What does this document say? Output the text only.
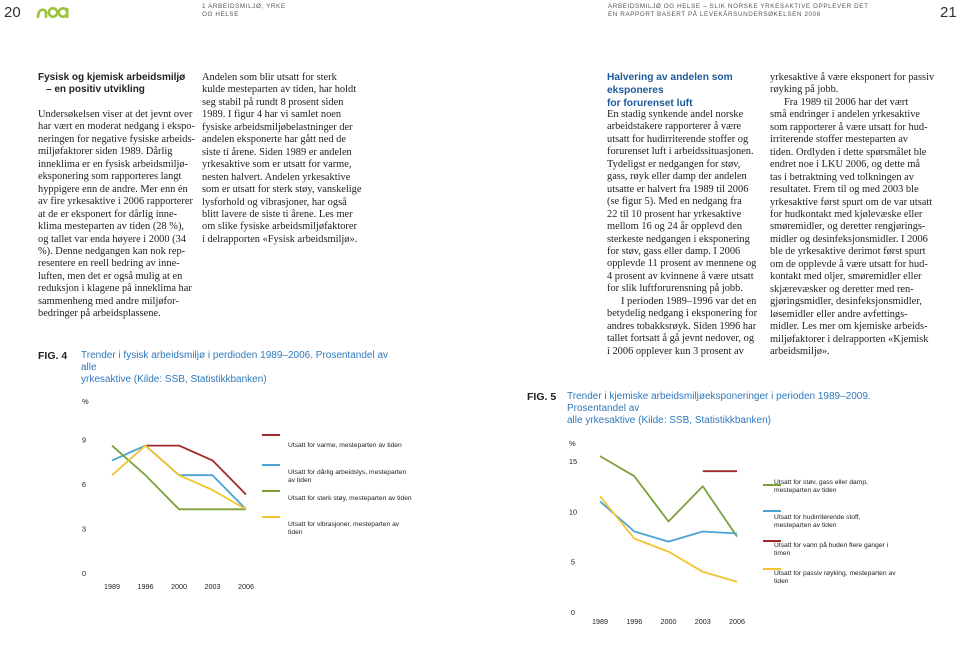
20	1 ARBEIDSMILJØ, YRKE
OG HELSE
ARBEIDSMILJØ OG HELSE – SLIK NORSKE YRKESAKTIVE OPPLEVER DET
EN RAPPORT BASERT PÅ LEVEKÅRSUNDERSØKELSEN 2006	21
Fysisk og kjemisk arbeidsmiljø
– en positiv utvikling
Undersøkelsen viser at det jevnt over
har vært en moderat nedgang i ekspo-
neringen for negative fysiske arbeids-
miljøfaktorer siden 1989. Dårlig
inneklima er en fysisk arbeidsmiljø-
eksponering som rapporteres langt
hyppigere enn de andre. Mer enn én
av fire yrkesaktive i 2006 rapporterer
at de er eksponert for dårlig inne-
klima mesteparten av tiden (28 %),
og tallet var enda høyere i 2000 (34
%). Denne nedgangen kan nok rep-
resentere en reell bedring av inne-
luften, men det er også mulig at en
reduksjon i klagene på inneklima har
sammenheng med andre miljøfor-
bedringer på arbeidsplassene.
Andelen som blir utsatt for sterk
kulde mesteparten av tiden, har holdt
seg stabil på rundt 8 prosent siden
1989. I figur 4 har vi samlet noen
fysiske arbeidsmiljøbelastninger der
andelen eksponerte har gått ned de
siste ti årene. Siden 1989 er andelen
yrkesaktive som er utsatt for varme,
nesten halvert. Andelen yrkesaktive
som er utsatt for sterk støy, vanskelige
lysforhold og vibrasjoner, har også
blitt lavere de siste ti årene. Les mer
om slike fysiske arbeidsmiljøfaktorer
i delrapporten «Fysisk arbeidsmiljø».
Halvering av andelen som eksponeres
for forurenset luft
En stadig synkende andel norske
arbeidstakere rapporterer å være
utsatt for hudirriterende stoffer og
forurenset luft i arbeidssituasjonen.
Tydeligst er nedgangen for støv,
gass, røyk eller damp der andelen
utsatte er halvert fra 1989 til 2006
(se figur 5). Med en nedgang fra
22 til 10 prosent har yrkesaktive
mellom 16 og 24 år opplevd den
sterkeste nedgangen i eksponering
for støv, gass eller damp. I 2006
opplevde 11 prosent av mennene og
4 prosent av kvinnene å være utsatt
for slik luftforurensning på jobb.
I perioden 1989–1996 var det en
betydelig nedgang i eksponering for
andres tobakksrøyk. Siden 1996 har
tallet fortsatt å gå jevnt nedover, og
i 2006 opplever kun 3 prosent av
yrkesaktive å være eksponert for passiv
røyking på jobb.
Fra 1989 til 2006 har det vært
små endringer i andelen yrkesaktive
som rapporterer å være utsatt for hud-
irriterende stoffer mesteparten av
tiden. Ordlyden i dette spørsmålet ble
endret noe i LKU 2006, og dette må
tas i betraktning ved tolkningen av
resultatet. Frem til og med 2003 ble
yrkesaktive først spurt om de var utsatt
for hudkontakt med kjølevæske eller
smøremidler, og deretter rengjørings-
midler og desinfeksjonsmidler. I 2006
ble de yrkesaktive derimot først spurt
om de opplevde å være utsatt for hud-
kontakt med oljer, smøremidler eller
skjærevæsker og deretter med ren-
gjøringsmidler, desinfeksjonsmidler,
løsemidler eller andre avfettings-
midler. Les mer om kjemiske arbeids-
miljøfaktorer i delrapporten «Kjemisk
arbeidsmiljø».
FIG. 4 Trender i fysisk arbeidsmiljø i perdioden 1989–2006. Prosentandel av alle
yrkesaktive (Kilde: SSB, Statistikkbanken)
FIG. 5 Trender i kjemiske arbeidsmiljøeksponeringer i perioden 1989–2009. Prosentandel av
alle yrkesaktive (Kilde: SSB, Statistikkbanken)
%
0
3
6
9
1989 1996 2000 2003 2006
Utsatt for varme, mesteparten av tiden
Utsatt for dårlig arbeidslys, mesteparten av tiden
Utsatt for sterk støy, mesteparten av tiden
Utsatt for vibrasjoner, mesteparten av tiden
%
0
5
10
15
1989	1996	2000	2003	2006
Utsatt for støv, gass eller damp, mesteparten av tiden
Utsatt for hudirriterende stoff, mesteparten av tiden
Utsatt for vann på huden flere ganger i timen
Utsatt for passiv røyking, mesteparten av tiden
